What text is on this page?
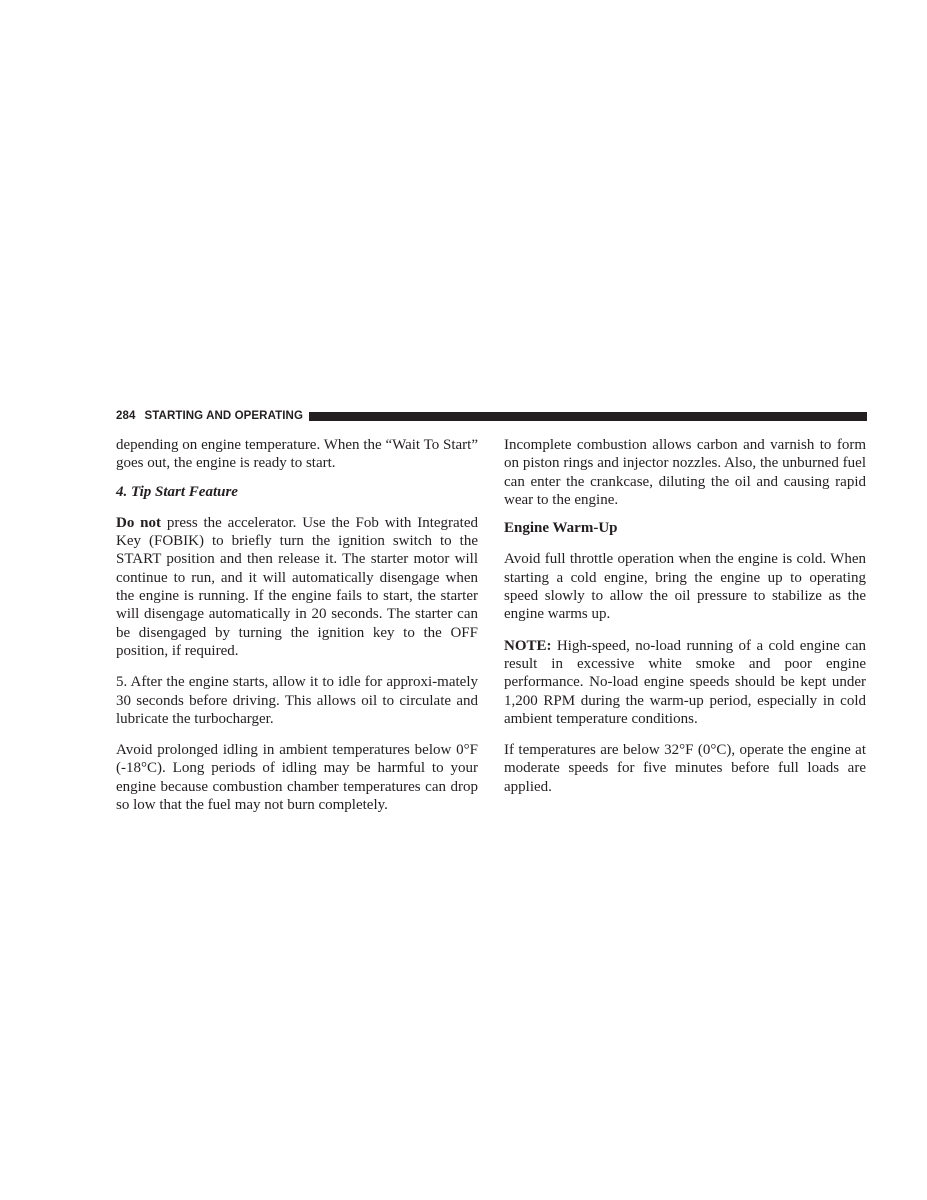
284 STARTING AND OPERATING

depending on engine temperature. When the “Wait To Start” goes out, the engine is ready to start.

4. Tip Start Feature

Do not press the accelerator. Use the Fob with Integrated Key (FOBIK) to briefly turn the ignition switch to the START position and then release it. The starter motor will continue to run, and it will automatically disengage when the engine is running. If the engine fails to start, the starter will disengage automatically in 20 seconds. The starter can be disengaged by turning the ignition key to the OFF position, if required.

5. After the engine starts, allow it to idle for approxi-mately 30 seconds before driving. This allows oil to circulate and lubricate the turbocharger.

Avoid prolonged idling in ambient temperatures below 0°F (-18°C). Long periods of idling may be harmful to your engine because combustion chamber temperatures can drop so low that the fuel may not burn completely.

Incomplete combustion allows carbon and varnish to form on piston rings and injector nozzles. Also, the unburned fuel can enter the crankcase, diluting the oil and causing rapid wear to the engine.

Engine Warm-Up

Avoid full throttle operation when the engine is cold. When starting a cold engine, bring the engine up to operating speed slowly to allow the oil pressure to stabilize as the engine warms up.

NOTE: High-speed, no-load running of a cold engine can result in excessive white smoke and poor engine performance. No-load engine speeds should be kept under 1,200 RPM during the warm-up period, especially in cold ambient temperature conditions.

If temperatures are below 32°F (0°C), operate the engine at moderate speeds for five minutes before full loads are applied.
